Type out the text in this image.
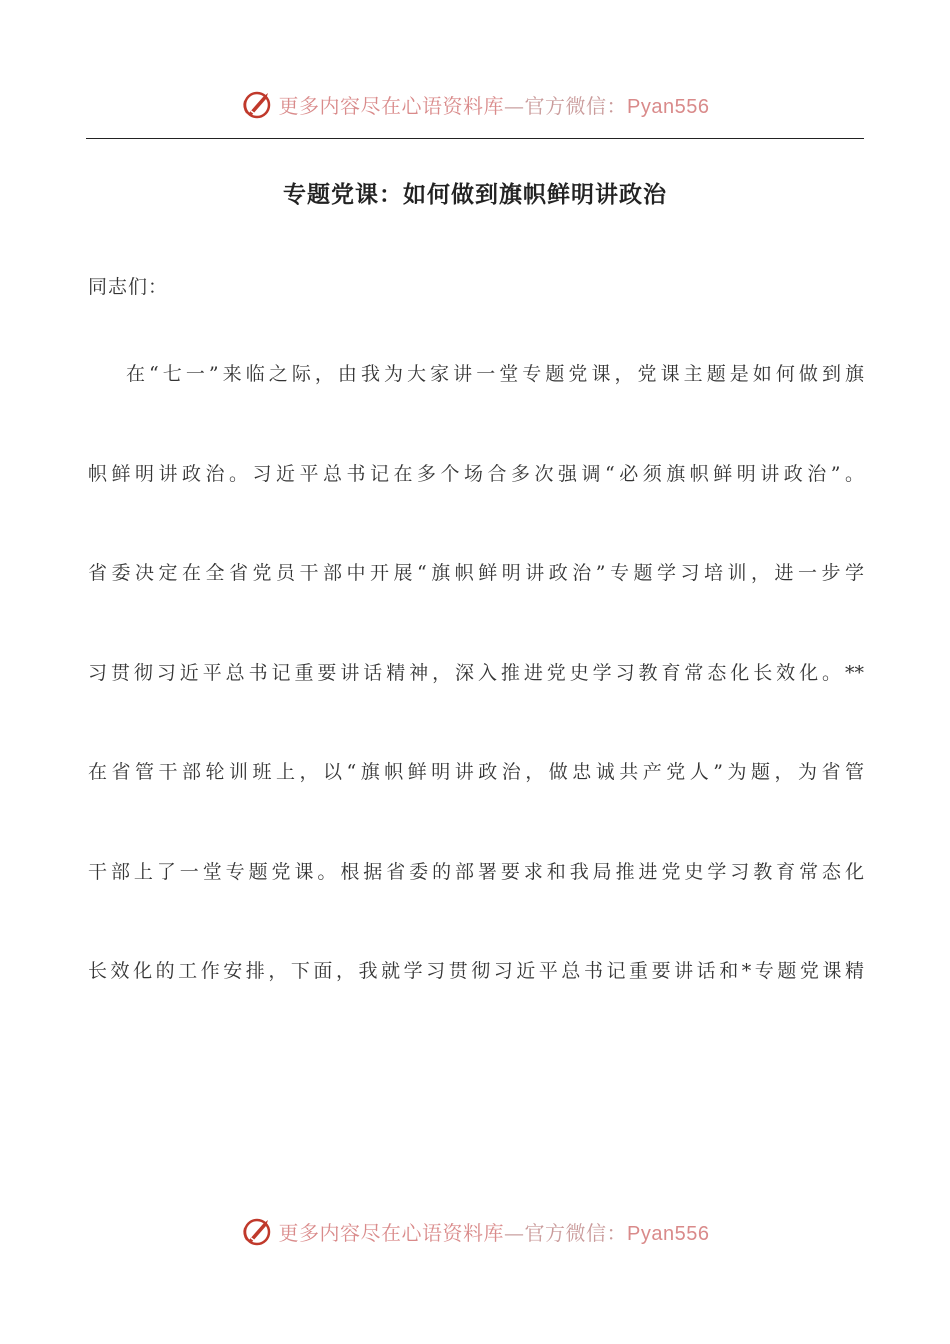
更多内容尽在心语资料库—官方微信：Pyan556
专题党课：如何做到旗帜鲜明讲政治
同志们：
在“七一”来临之际，由我为大家讲一堂专题党课，党课主题是如何做到旗
帜鲜明讲政治。习近平总书记在多个场合多次强调“必须旗帜鲜明讲政治”。
省委决定在全省党员干部中开展“旗帜鲜明讲政治”专题学习培训，进一步学
习贯彻习近平总书记重要讲话精神，深入推进党史学习教育常态化长效化。**
在省管干部轮训班上，以“旗帜鲜明讲政治，做忠诚共产党人”为题，为省管
干部上了一堂专题党课。根据省委的部署要求和我局推进党史学习教育常态化
长效化的工作安排，下面，我就学习贯彻习近平总书记重要讲话和*专题党课精
更多内容尽在心语资料库—官方微信：Pyan556
